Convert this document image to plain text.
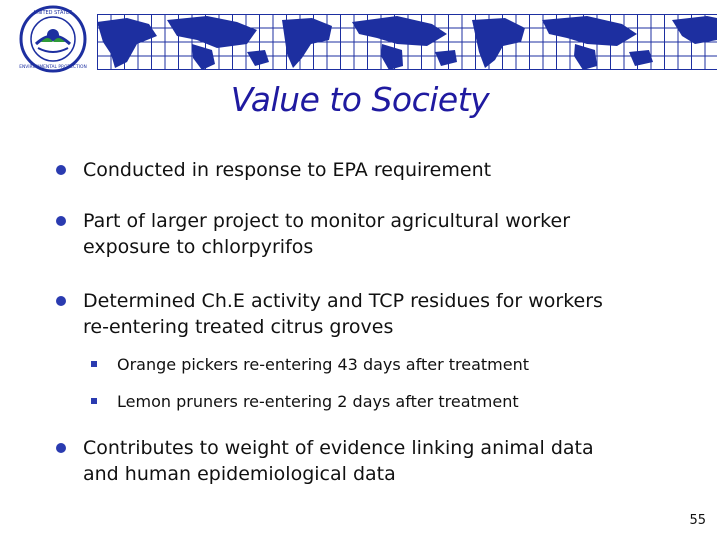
UNITED STATES
ENVIRONMENTAL PROTECTION
Value to Society
Conducted in response to EPA requirement
Part of larger project to monitor agricultural worker
exposure to chlorpyrifos
Determined Ch.E activity and TCP residues for workers
re-entering treated citrus groves
Orange pickers re-entering 43 days after treatment
Lemon pruners re-entering 2 days after treatment
Contributes to weight of evidence linking animal data
and human epidemiological data
55
